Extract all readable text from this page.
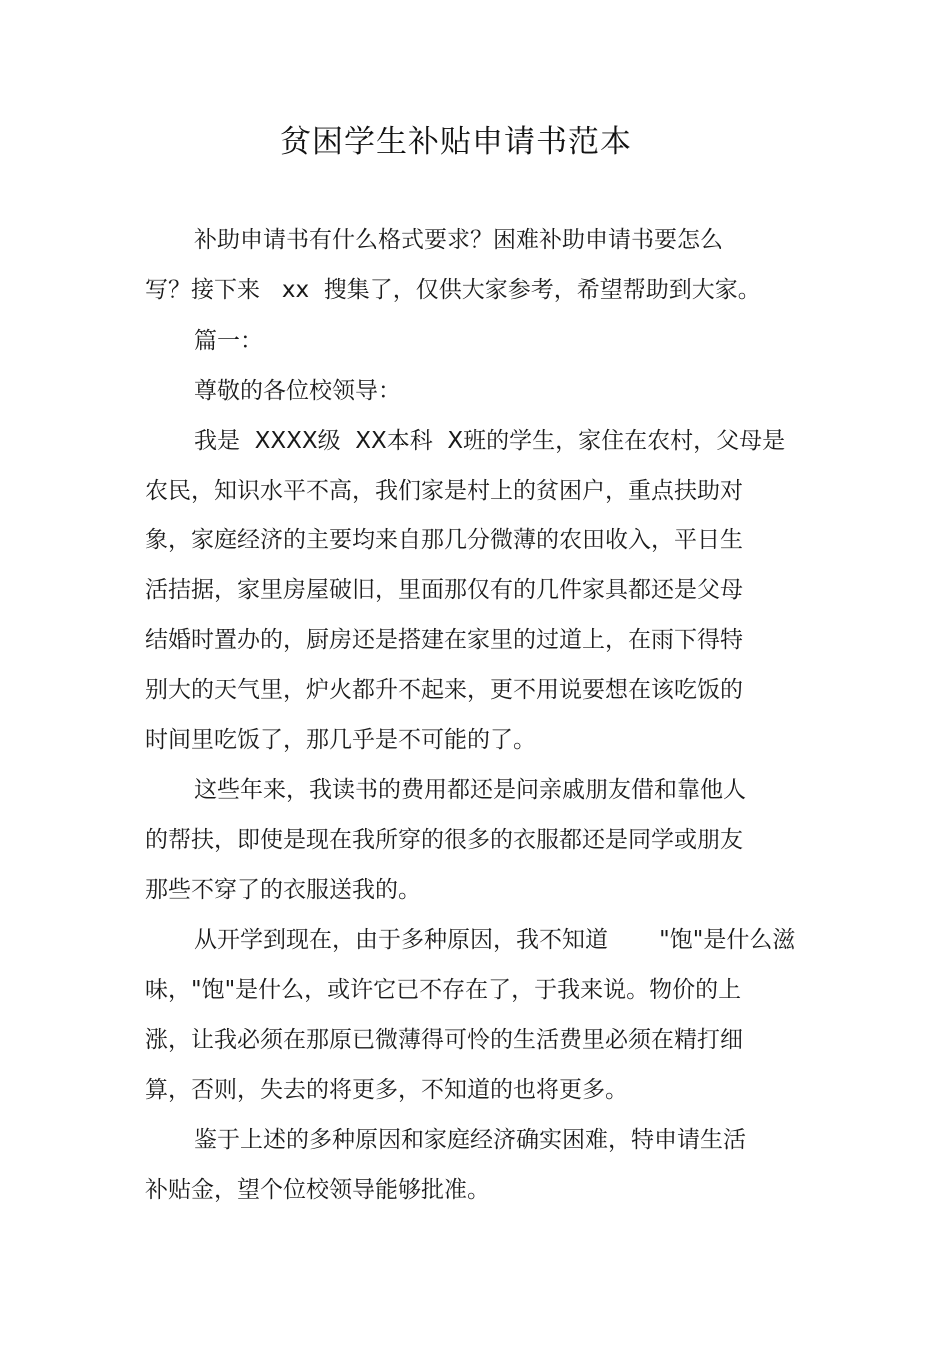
贫困学生补贴申请书范本
补助申请书有什么格式要求？困难补助申请书要怎么
写？接下来   xx  搜集了，仅供大家参考，希望帮助到大家。
篇一：
尊敬的各位校领导：
我是  XXXX级  XX本科  X班的学生，家住在农村，父母是
农民，知识水平不高，我们家是村上的贫困户，重点扶助对
象，家庭经济的主要均来自那几分微薄的农田收入，平日生
活拮据，家里房屋破旧，里面那仅有的几件家具都还是父母
结婚时置办的，厨房还是搭建在家里的过道上，在雨下得特
别大的天气里，炉火都升不起来，更不用说要想在该吃饭的
时间里吃饭了，那几乎是不可能的了。
这些年来，我读书的费用都还是问亲戚朋友借和靠他人
的帮扶，即使是现在我所穿的很多的衣服都还是同学或朋友
那些不穿了的衣服送我的。
从开学到现在，由于多种原因，我不知道       "饱"是什么滋
味，"饱"是什么，或许它已不存在了，于我来说。物价的上
涨，让我必须在那原已微薄得可怜的生活费里必须在精打细
算，否则，失去的将更多，不知道的也将更多。
鉴于上述的多种原因和家庭经济确实困难，特申请生活
补贴金，望个位校领导能够批准。
